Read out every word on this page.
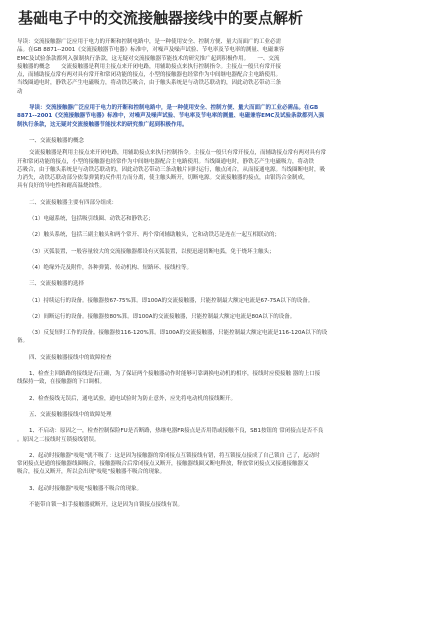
基础电子中的交流接触器接线中的要点解析

导读：交流接触器广泛应用于电力的开断和控制电路中，是一种使用安全、控制方便、量大而面广的工业必需

品。在GB 8871--2001《交流接触器节电器》标准中，对噪声及噪声试验、节电率及节电率的测量、电磁兼容

EMC及试验条款都列入强制执行条款，这无疑对交流接触器节能技术的研究推广起到积极作用。　　一、交流

接触器的概念　　交流接触器是利用主接点来开闭电路，用辅助接点来执行控制指令。主接点一般只有常开接

点，而辅助接点常有两对具有常开和常闭功能的接点，小型的接触器也经常作为中间继电器配合主电路使用。

当线圈通电时，静铁芯产生电磁吸力，将动铁芯吸合，由于触头系统是与动铁芯联动的，因此动铁芯带动三条

动

导读：交流接触器广泛应用于电力的开断和控制电路中，是一种使用安全、控制方便、量大而面广的工业必需品。在GB

8871--2001《交流接触器节电器》标准中，对噪声及噪声试验、节电率及节电率的测量、电磁兼容EMC及试验条款都列入强

制执行条款，这无疑对交流接触器节能技术的研究推广起到积极作用。

一、交流接触器的概念

交流接触器是利用主接点来开闭电路，用辅助接点来执行控制指令。主接点一般只有常开接点，而辅助接点常有两对具有常

开和常闭功能的接点，小型的接触器也经常作为中间继电器配合主电路使用。当线圈通电时，静铁芯产生电磁吸力，将动铁

芯吸合，由于触头系统是与动铁芯联动的，因此动铁芯带动三条动触片同时运行，触点闭合，从而接通电源。当线圈断电时，吸

力消失，动铁芯联动部分依靠弹簧的反作用力而分离，使主触头断开，切断电源。交流接触器的接点，由银钨合金制成，

具有良好的导电性和耐高温烧蚀性。

二、交流接触器主要有四部分组成：

（1）电磁系统，包括吸引线圈、动铁芯和静铁芯；

（2）触头系统，包括三副主触头和两个常开、两个常闭辅助触头，它和动铁芯是连在一起互相联动的；

（3）灭弧装置，一般容量较大的交流接触器都设有灭弧装置，以便迅速切断电弧，免于烧坏主触头；

（4）绝缘外壳及附件，各种弹簧、传动机构、短路环、接线柱等。

三、交流接触器的选择

（1）持续运行的设备。接触器按67-75%算。即100A的交流接触器，只能控制最大额定电流是67-75A以下的设备。

（2）间断运行的设备。接触器按80%算。即100A的交流接触器，只能控制最大额定电流是80A以下的设备。

（3）反复短时工作的设备。接触器按116-120%算。即100A的交流接触器，只能控制最大额定电流是116-120A以下的设

备。

四、交流接触器接线中的故障检查

1、检查主回路路的接线是否正确，为了保证两个接触器动作时能够可靠调换电动机的相序，接线时应使接触 器的上口接

线保持一致，在接触器的下口调相。

2、检查接线无误后，通电试验，通电试验时为防止意外，应先将电动机的接线断开。

五、交流接触器接线中的故障处理

1、不启动：原因之一，检查控制保险FU是否断路，热继电器FR接点是否用错或接触不良，SB1按钮的 常闭接点是否不良

。原因之二接线时互锁接线错误。

2、起动时接触器"吱哒"就不吸了：这是因为接触器的常闭接点互锁接线有错，将互锁接点接成了自己锁自 己了，起动时

常闭接点是通的接触器线圈吸合，接触器吸合后常闭接点又断开，接触器线圈又断电释放，释放常闭接点又接通接触器又

吸合，接点又断开，所以会出现"吱哒"接触器不吸合的现象。

3、起动时接触器"吱哒"接触器不吸合的现象。

不能带自锁一扣手接触器就断开，这是因为自锁接点接线有误。
